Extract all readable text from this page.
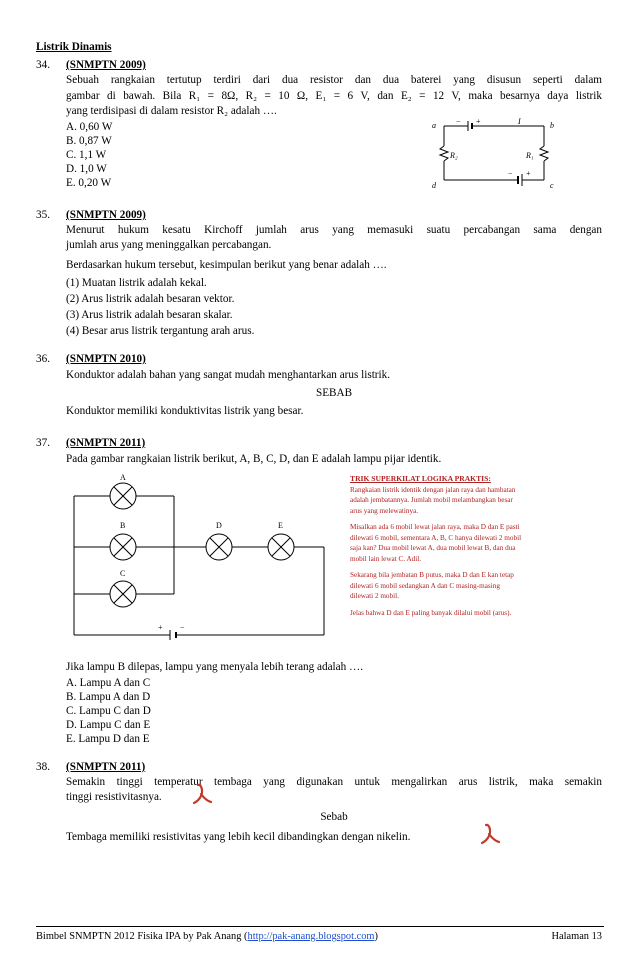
Listrik Dinamis
34. (SNMPTN 2009)
Sebuah rangkaian tertutup terdiri dari dua resistor dan dua baterei yang disusun seperti dalam
gambar di bawah. Bila R₁ = 8Ω, R₂ = 10 Ω, E₁ = 6 V, dan E₂ = 12 V, maka besarnya daya listrik
yang terdisipasi di dalam resistor R₂ adalah ….
A. 0,60 W
B. 0,87 W
C. 1,1 W
D. 1,0 W
E. 0,20 W
a	b
c
d
− +	I
R₂	R₁
− +
35. (SNMPTN 2009)
Menurut hukum kesatu Kirchoff jumlah arus yang memasuki suatu percabangan sama dengan
jumlah arus yang meninggalkan percabangan.
Berdasarkan hukum tersebut, kesimpulan berikut yang benar adalah ….
(1) Muatan listrik adalah kekal.
(2) Arus listrik adalah besaran vektor.
(3) Arus listrik adalah besaran skalar.
(4) Besar arus listrik tergantung arah arus.
36. (SNMPTN 2010)
Konduktor adalah bahan yang sangat mudah menghantarkan arus listrik.
SEBAB
Konduktor memiliki konduktivitas listrik yang besar.
37. (SNMPTN 2011)
Pada gambar rangkaian listrik berikut, A, B, C, D, dan E adalah lampu pijar identik.
A
B
C
D	E
+ −
TRIK SUPERKILAT LOGIKA PRAKTIS:
Rangkaian listrik identik dengan jalan raya dan hambatan
adalah jembatannya. Jumlah mobil melambangkan besar
arus yang melewatinya.
Misalkan ada 6 mobil lewat jalan raya, maka D dan E pasti
dilewati 6 mobil, sementara A, B, C hanya dilewati 2 mobil
saja kan? Dua mobil lewat A, dua mobil lewat B, dan dua
mobil lain lewat C. Adil.
Sekarang bila jembatan B putus, maka D dan E kan tetap
dilewati 6 mobil sedangkan A dan C masing-masing
dilewati 2 mobil.
Jelas bahwa D dan E paling banyak dilalui mobil (arus).
Jika lampu B dilepas, lampu yang menyala lebih terang adalah ….
A. Lampu A dan C
B. Lampu A dan D
C. Lampu C dan D
D. Lampu C dan E
E. Lampu D dan E
38. (SNMPTN 2011)
Semakin tinggi temperatur tembaga yang digunakan untuk mengalirkan arus listrik, maka semakin
tinggi resistivitasnya.
Sebab
Tembaga memiliki resistivitas yang lebih kecil dibandingkan dengan nikelin.
Bimbel SNMPTN 2012 Fisika IPA by Pak Anang (http://pak-anang.blogspot.com)	Halaman 13
